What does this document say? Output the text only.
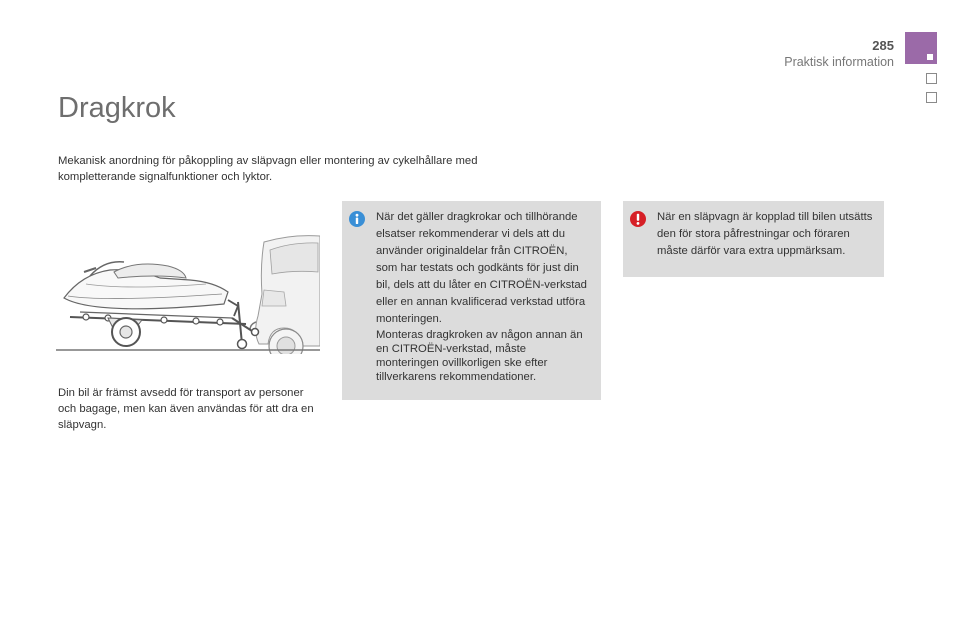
285
Praktisk information
Dragkrok

Mekanisk anordning för påkoppling av släpvagn eller montering av cykelhållare med kompletterande signalfunktioner och lyktor.

Din bil är främst avsedd för transport av personer och bagage, men kan även användas för att dra en släpvagn.

När det gäller dragkrokar och tillhörande elsatser rekommenderar vi dels att du använder originaldelar från CITROËN, som har testats och godkänts för just din bil, dels att du låter en CITROËN-verkstad eller en annan kvalificerad verkstad utföra monteringen.
Monteras dragkroken av någon annan än en CITROËN-verkstad, måste monteringen ovillkorligen ske efter tillverkarens rekommendationer.

När en släpvagn är kopplad till bilen utsätts den för stora påfrestningar och föraren måste därför vara extra uppmärksam.
